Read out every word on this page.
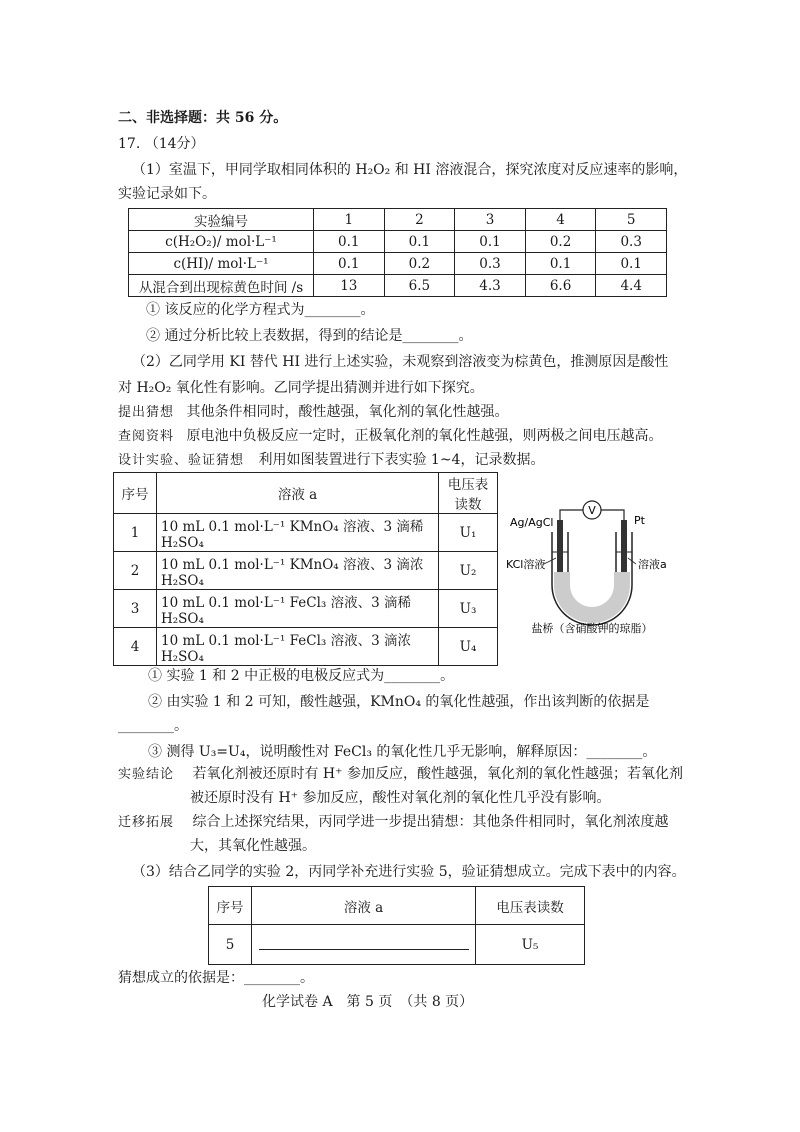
二、非选择题：共 56 分。
17. （14分）
（1）室温下，甲同学取相同体积的 H₂O₂ 和 HI 溶液混合，探究浓度对反应速率的影响，
实验记录如下。
实验编号	1	2	3	4	5
c(H₂O₂)/ mol·L⁻¹	0.1	0.1	0.1	0.2	0.3
c(HI)/ mol·L⁻¹	0.1	0.2	0.3	0.1	0.1
从混合到出现棕黄色时间 /s	13	6.5	4.3	6.6	4.4
① 该反应的化学方程式为________。
② 通过分析比较上表数据，得到的结论是________。
（2）乙同学用 KI 替代 HI 进行上述实验，未观察到溶液变为棕黄色，推测原因是酸性
对 H₂O₂ 氧化性有影响。乙同学提出猜测并进行如下探究。
提出猜想 其他条件相同时，酸性越强，氧化剂的氧化性越强。
查阅资料 原电池中负极反应一定时，正极氧化剂的氧化性越强，则两极之间电压越高。
设计实验、验证猜想 利用如图装置进行下表实验 1~4，记录数据。
序号	溶液 a	电压表读数
1	10 mL 0.1 mol·L⁻¹ KMnO₄ 溶液、3 滴稀 H₂SO₄	U₁
2	10 mL 0.1 mol·L⁻¹ KMnO₄ 溶液、3 滴浓 H₂SO₄	U₂
3	10 mL 0.1 mol·L⁻¹ FeCl₃ 溶液、3 滴稀 H₂SO₄	U₃
4	10 mL 0.1 mol·L⁻¹ FeCl₃ 溶液、3 滴浓 H₂SO₄	U₄
V
Ag/AgCl	Pt
KCl溶液	溶液a
盐桥（含硝酸钾的琼脂）
① 实验 1 和 2 中正极的电极反应式为________。
② 由实验 1 和 2 可知，酸性越强，KMnO₄ 的氧化性越强，作出该判断的依据是
________。
③ 测得 U₃=U₄，说明酸性对 FeCl₃ 的氧化性几乎无影响，解释原因：________。
实验结论 若氧化剂被还原时有 H⁺ 参加反应，酸性越强，氧化剂的氧化性越强；若氧化剂
被还原时没有 H⁺ 参加反应，酸性对氧化剂的氧化性几乎没有影响。
迁移拓展 综合上述探究结果，丙同学进一步提出猜想：其他条件相同时，氧化剂浓度越
大，其氧化性越强。
（3）结合乙同学的实验 2，丙同学补充进行实验 5，验证猜想成立。完成下表中的内容。
序号	溶液 a	电压表读数
5		U₅
猜想成立的依据是：________。
化学试卷 A　第 5 页　（共 8 页）
